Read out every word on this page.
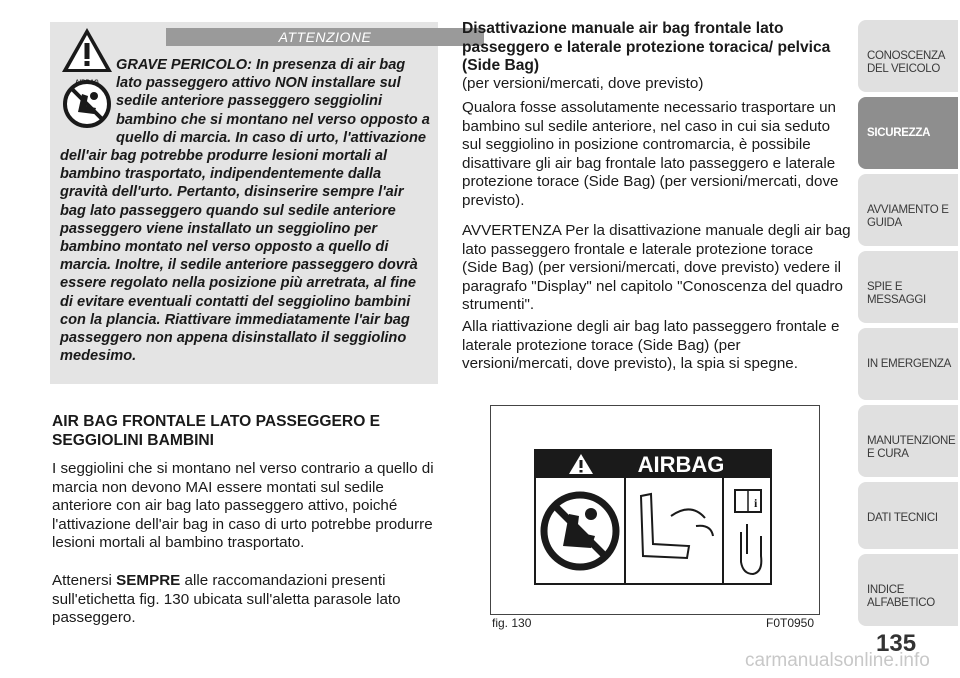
ATTENZIONE
AIRBAG
GRAVE PERICOLO: In presenza di air bag lato passeggero attivo NON installare sul sedile anteriore passeggero seggiolini bambino che si montano nel verso opposto a quello di marcia. In caso di urto, l'attivazione dell'air bag potrebbe produrre lesioni mortali al bambino trasportato, indipendentemente dalla gravità dell'urto. Pertanto, disinserire sempre l'air bag lato passeggero quando sul sedile anteriore passeggero viene installato un seggiolino per bambino montato nel verso opposto a quello di marcia. Inoltre, il sedile anteriore passeggero dovrà essere regolato nella posizione più arretrata, al fine di evitare eventuali contatti del seggiolino bambini con la plancia. Riattivare immediatamente l'air bag passeggero non appena disinstallato il seggiolino medesimo.
AIR BAG FRONTALE LATO PASSEGGERO E SEGGIOLINI BAMBINI
I seggiolini che si montano nel verso contrario a quello di marcia non devono MAI essere montati sul sedile anteriore con air bag lato passeggero attivo, poiché l'attivazione dell'air bag in caso di urto potrebbe produrre lesioni mortali al bambino trasportato.
Attenersi SEMPRE alle raccomandazioni presenti sull'etichetta fig. 130 ubicata sull'aletta parasole lato passeggero.
Disattivazione manuale air bag frontale lato passeggero e laterale protezione toracica/ pelvica (Side Bag)
(per versioni/mercati, dove previsto)
Qualora fosse assolutamente necessario trasportare un bambino sul sedile anteriore, nel caso in cui sia seduto sul seggiolino in posizione contromarcia, è possibile disattivare gli air bag frontale lato passeggero e laterale protezione torace (Side Bag) (per versioni/mercati, dove previsto).
AVVERTENZA Per la disattivazione manuale degli air bag lato passeggero frontale e laterale protezione torace (Side Bag) (per versioni/mercati, dove previsto) vedere il paragrafo "Display" nel capitolo "Conoscenza del quadro strumenti".
Alla riattivazione degli air bag lato passeggero frontale e laterale protezione torace (Side Bag) (per versioni/mercati, dove previsto), la spia si spegne.
AIRBAG
i
fig. 130	F0T0950
CONOSCENZA DEL VEICOLO
SICUREZZA
AVVIAMENTO E GUIDA
SPIE E MESSAGGI
IN EMERGENZA
MANUTENZIONE E CURA
DATI TECNICI
INDICE ALFABETICO
135
carmanualsonline.info
